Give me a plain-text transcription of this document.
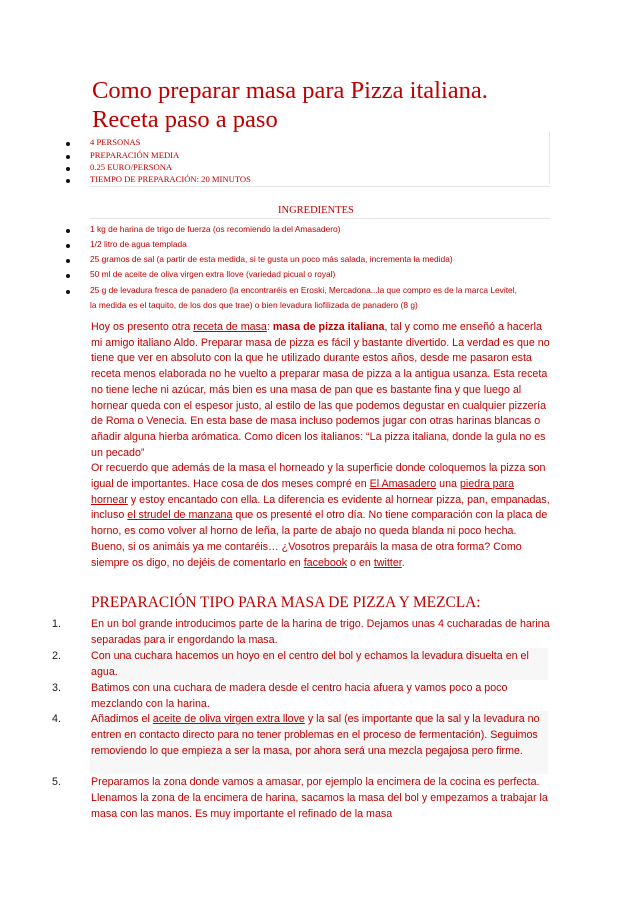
Como preparar masa para Pizza italiana. Receta paso a paso
4 PERSONAS
PREPARACIÓN MEDIA
0.25 EURO/PERSONA
TIEMPO DE PREPARACIÓN: 20 MINUTOS
INGREDIENTES
1 kg de harina de trigo de fuerza (os recomiendo la del Amasadero)
1/2 litro de agua templada
25 gramos de sal (a partir de esta medida, si te gusta un poco más salada, incrementa la medida)
50 ml de aceite de oliva virgen extra llove (variedad picual o royal)
25 g de levadura fresca de panadero (la encontraréis en Eroski, Mercadona...la que compro es de la marca Levitel,
la medida es el taquito, de los dos que trae) o bien levadura liofilizada de panadero (8 g)

Hoy os presento otra receta de masa: masa de pizza italiana, tal y como me enseñó a hacerla mi amigo italiano Aldo. Preparar masa de pizza es fácil y bastante divertido. La verdad es que no tiene que ver en absoluto con la que he utilizado durante estos años, desde me pasaron esta receta menos elaborada no he vuelto a preparar masa de pizza a la antigua usanza. Esta receta no tiene leche ni azúcar, más bien es una masa de pan que es bastante fina y que luego al hornear queda con el espesor justo, al estilo de las que podemos degustar en cualquier pizzería de Roma o Venecia. En esta base de masa incluso podemos jugar con otras harinas blancas o añadir alguna hierba arómatica. Como dicen los italianos: “La pizza italiana, donde la gula no es un pecado”
Or recuerdo que además de la masa el horneado y la superficie donde coloquemos la pizza son igual de importantes. Hace cosa de dos meses compré en El Amasadero una piedra para hornear y estoy encantado con ella. La diferencia es evidente al hornear pizza, pan, empanadas, incluso el strudel de manzana que os presenté el otro día. No tiene comparación con la placa de horno, es como volver al horno de leña, la parte de abajo no queda blanda ni poco hecha. Bueno, si os animáis ya me contaréis… ¿Vosotros preparáis la masa de otra forma? Como siempre os digo, no dejéis de comentarlo en facebook o en twitter.

PREPARACIÓN TIPO PARA MASA DE PIZZA Y MEZCLA:
1.	En un bol grande introducimos parte de la harina de trigo. Dejamos unas 4 cucharadas de harina separadas para ir engordando la masa.
2.	Con una cuchara hacemos un hoyo en el centro del bol y echamos la levadura disuelta en el agua.
3.	Batimos con una cuchara de madera desde el centro hacia afuera y vamos poco a poco mezclando con la harina.
4.	Añadimos el aceite de oliva virgen extra llove y la sal (es importante que la sal y la levadura no entren en contacto directo para no tener problemas en el proceso de fermentación). Seguimos removiendo lo que empieza a ser la masa, por ahora será una mezcla pegajosa pero firme.
5.	Preparamos la zona donde vamos a amasar, por ejemplo la encimera de la cocina es perfecta. Llenamos la zona de la encimera de harina, sacamos la masa del bol y empezamos a trabajar la masa con las manos. Es muy importante el refinado de la masa
